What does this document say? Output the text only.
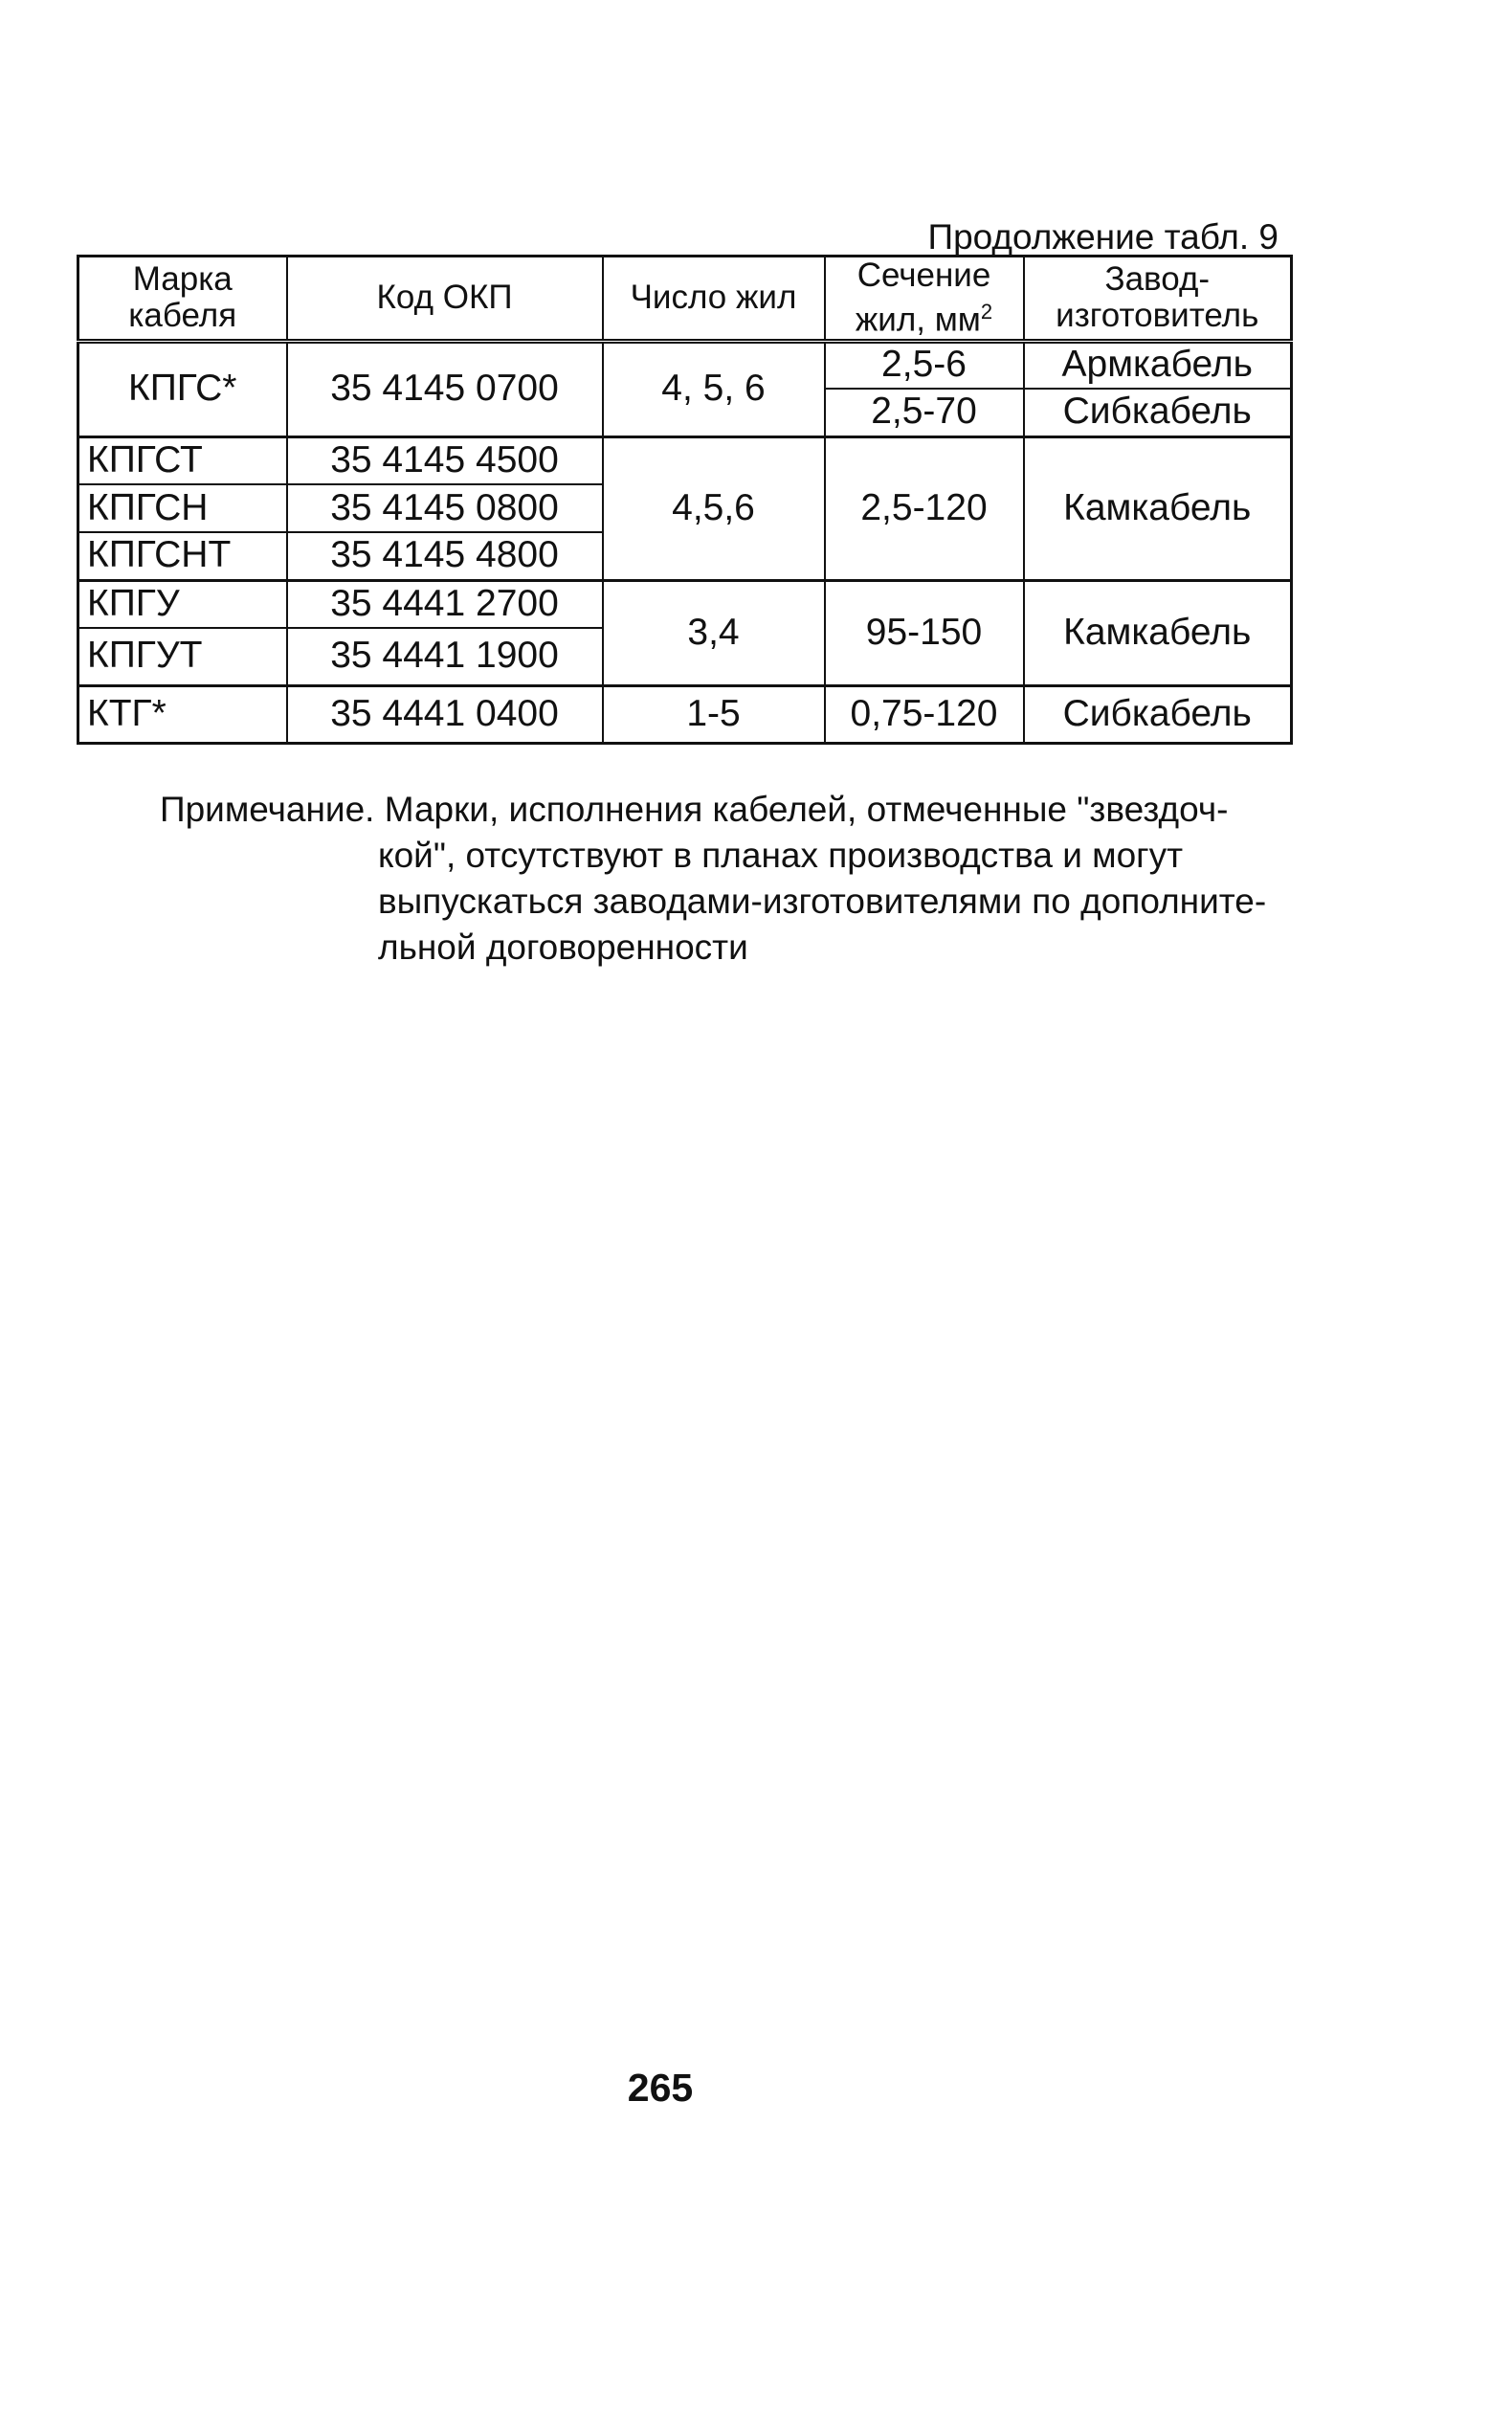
Продолжение табл. 9
Марка кабеля	Код ОКП	Число жил	Сечение жил, $мм^2$	Завод-изготовитель
КПГС*	35 4145 0700	4, 5, 6	2,5-6	Армкабель
			2,5-70	Сибкабель
КПГСТ	35 4145 4500	4,5,6	2,5-120	Камкабель
КПГСН	35 4145 0800			
КПГСНТ	35 4145 4800			
КПГУ	35 4441 2700	3,4	95-150	Камкабель
КПГУТ	35 4441 1900			
КТГ*	35 4441 0400	1-5	0,75-120	Сибкабель
Примечание. Марки, исполнения кабелей, отмеченные "звездоч-
кой", отсутствуют в планах производства и могут
выпускаться заводами-изготовителями по дополните-
льной договоренности
265
